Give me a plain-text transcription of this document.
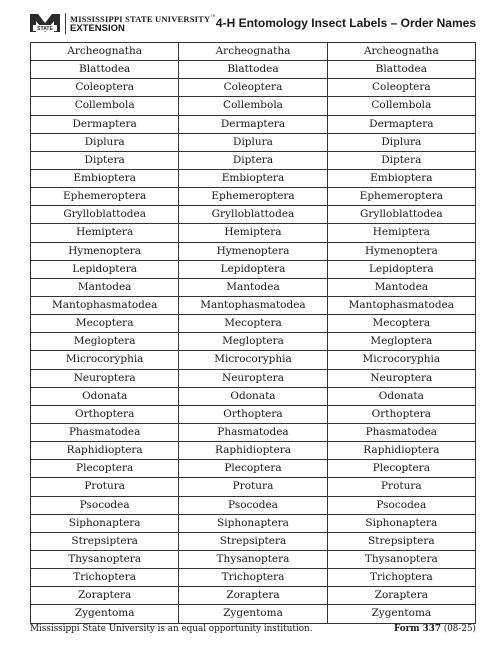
STATE
MISSISSIPPI STATE UNIVERSITY™
EXTENSION	4-H Entomology Insect Labels – Order Names
Archeognatha	Archeognatha	Archeognatha
Blattodea	Blattodea	Blattodea
Coleoptera	Coleoptera	Coleoptera
Collembola	Collembola	Collembola
Dermaptera	Dermaptera	Dermaptera
Diplura	Diplura	Diplura
Diptera	Diptera	Diptera
Embioptera	Embioptera	Embioptera
Ephemeroptera	Ephemeroptera	Ephemeroptera
Grylloblattodea	Grylloblattodea	Grylloblattodea
Hemiptera	Hemiptera	Hemiptera
Hymenoptera	Hymenoptera	Hymenoptera
Lepidoptera	Lepidoptera	Lepidoptera
Mantodea	Mantodea	Mantodea
Mantophasmatodea	Mantophasmatodea	Mantophasmatodea
Mecoptera	Mecoptera	Mecoptera
Megloptera	Megloptera	Megloptera
Microcoryphia	Microcoryphia	Microcoryphia
Neuroptera	Neuroptera	Neuroptera
Odonata	Odonata	Odonata
Orthoptera	Orthoptera	Orthoptera
Phasmatodea	Phasmatodea	Phasmatodea
Raphidioptera	Raphidioptera	Raphidioptera
Plecoptera	Plecoptera	Plecoptera
Protura	Protura	Protura
Psocodea	Psocodea	Psocodea
Siphonaptera	Siphonaptera	Siphonaptera
Strepsiptera	Strepsiptera	Strepsiptera
Thysanoptera	Thysanoptera	Thysanoptera
Trichoptera	Trichoptera	Trichoptera
Zoraptera	Zoraptera	Zoraptera
Zygentoma	Zygentoma	Zygentoma
Mississippi State University is an equal opportunity institution.	Form 337 (08-25)
